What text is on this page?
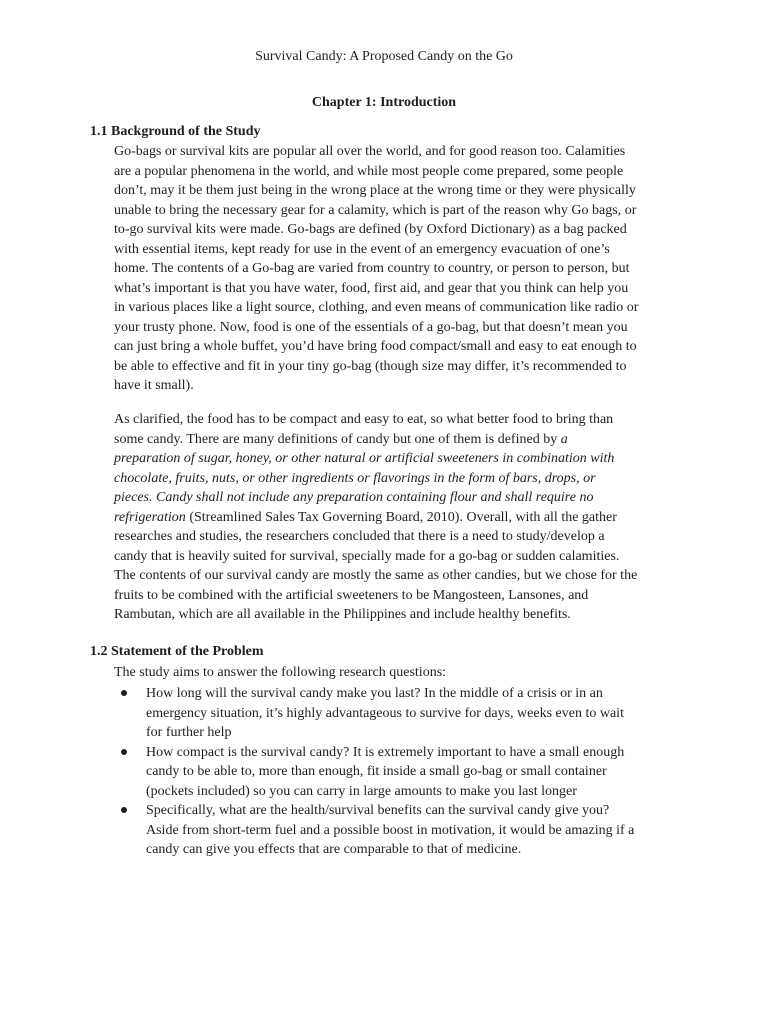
Survival Candy: A Proposed Candy on the Go
Chapter 1: Introduction
1.1 Background of the Study

Go-bags or survival kits are popular all over the world, and for good reason too. Calamities
are a popular phenomena in the world, and while most people come prepared, some people
don’t, may it be them just being in the wrong place at the wrong time or they were physically
unable to bring the necessary gear for a calamity, which is part of the reason why Go bags, or
to-go survival kits were made. Go-bags are defined (by Oxford Dictionary) as a bag packed
with essential items, kept ready for use in the event of an emergency evacuation of one’s
home. The contents of a Go-bag are varied from country to country, or person to person, but
what’s important is that you have water, food, first aid, and gear that you think can help you
in various places like a light source, clothing, and even means of communication like radio or
your trusty phone. Now, food is one of the essentials of a go-bag, but that doesn’t mean you
can just bring a whole buffet, you’d have bring food compact/small and easy to eat enough to
be able to effective and fit in your tiny go-bag (though size may differ, it’s recommended to
have it small).

As clarified, the food has to be compact and easy to eat, so what better food to bring than
some candy. There are many definitions of candy but one of them is defined by a
preparation of sugar, honey, or other natural or artificial sweeteners in combination with
chocolate, fruits, nuts, or other ingredients or flavorings in the form of bars, drops, or
pieces. Candy shall not include any preparation containing flour and shall require no
refrigeration (Streamlined Sales Tax Governing Board, 2010). Overall, with all the gather
researches and studies, the researchers concluded that there is a need to study/develop a
candy that is heavily suited for survival, specially made for a go-bag or sudden calamities.
The contents of our survival candy are mostly the same as other candies, but we chose for the
fruits to be combined with the artificial sweeteners to be Mangosteen, Lansones, and
Rambutan, which are all available in the Philippines and include healthy benefits.

1.2 Statement of the Problem
The study aims to answer the following research questions:
How long will the survival candy make you last? In the middle of a crisis or in an
emergency situation, it’s highly advantageous to survive for days, weeks even to wait
for further help
How compact is the survival candy? It is extremely important to have a small enough
candy to be able to, more than enough, fit inside a small go-bag or small container
(pockets included) so you can carry in large amounts to make you last longer
Specifically, what are the health/survival benefits can the survival candy give you?
Aside from short-term fuel and a possible boost in motivation, it would be amazing if a
candy can give you effects that are comparable to that of medicine.
